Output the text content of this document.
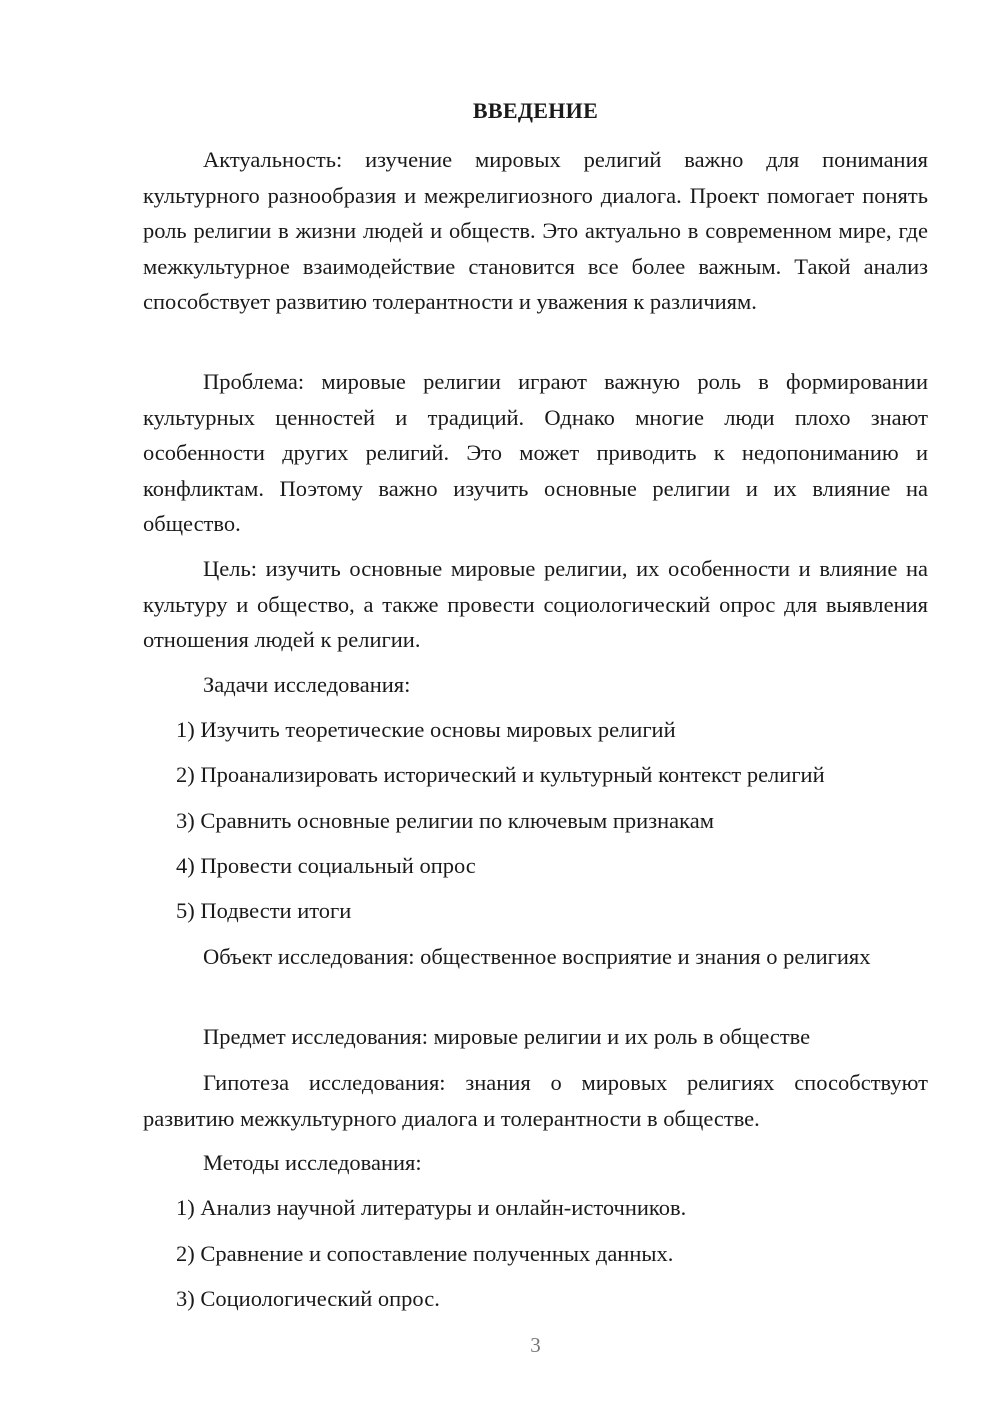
ВВЕДЕНИЕ

Актуальность: изучение мировых религий важно для понимания культурного разнообразия и межрелигиозного диалога. Проект помогает понять роль религии в жизни людей и обществ. Это актуально в современном мире, где межкультурное взаимодействие становится все более важным. Такой анализ способствует развитию толерантности и уважения к различиям.

Проблема: мировые религии играют важную роль в формировании культурных ценностей и традиций. Однако многие люди плохо знают особенности других религий. Это может приводить к недопониманию и конфликтам. Поэтому важно изучить основные религии и их влияние на общество.

Цель: изучить основные мировые религии, их особенности и влияние на культуру и общество, а также провести социологический опрос для выявления отношения людей к религии.

Задачи исследования:

1) Изучить теоретические основы мировых религий

2) Проанализировать исторический и культурный контекст религий

3) Сравнить основные религии по ключевым признакам

4) Провести социальный опрос

5) Подвести итоги

Объект исследования: общественное восприятие и знания о религиях

Предмет исследования: мировые религии и их роль в обществе

Гипотеза исследования: знания о мировых религиях способствуют развитию межкультурного диалога и толерантности в обществе.

Методы исследования:

1) Анализ научной литературы и онлайн-источников.

2) Сравнение и сопоставление полученных данных.

3) Социологический опрос.

3
